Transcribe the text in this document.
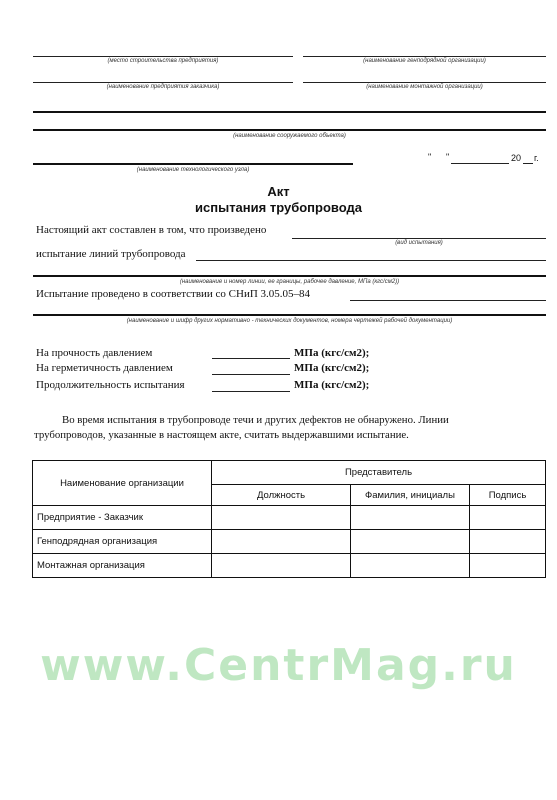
(место строительства предприятия)	(наименование генподрядной организации)
(наименование предприятия заказчика)	(наименование монтажной организации)
(наименование сооружаемого объекта)
(наименование технологического узла)
" "	20 г.
Акт
испытания трубопровода
Настоящий акт составлен в том, что произведено
(вид испытания)
испытание линий трубопровода
(наименование и номер линии, ее границы, рабочее давление, МПа (кгс/см2))
Испытание проведено в соответствии со СНиП 3.05.05–84
(наименование и шифр других нормативно - технических документов, номера чертежей рабочей документации)
На прочность давлением	МПа (кгс/см2);
На герметичность давлением	МПа (кгс/см2);
Продолжительность испытания	МПа (кгс/см2);
Во время испытания в трубопроводе течи и других дефектов не обнаружено. Линии
трубопроводов, указанные в настоящем акте, считать выдержавшими испытание.
Наименование организации	Представитель		
	Должность	Фамилия, инициалы	Подпись
Предприятие - Заказчик			
Генподрядная организация			
Монтажная организация			
www.CentrMag.ru
